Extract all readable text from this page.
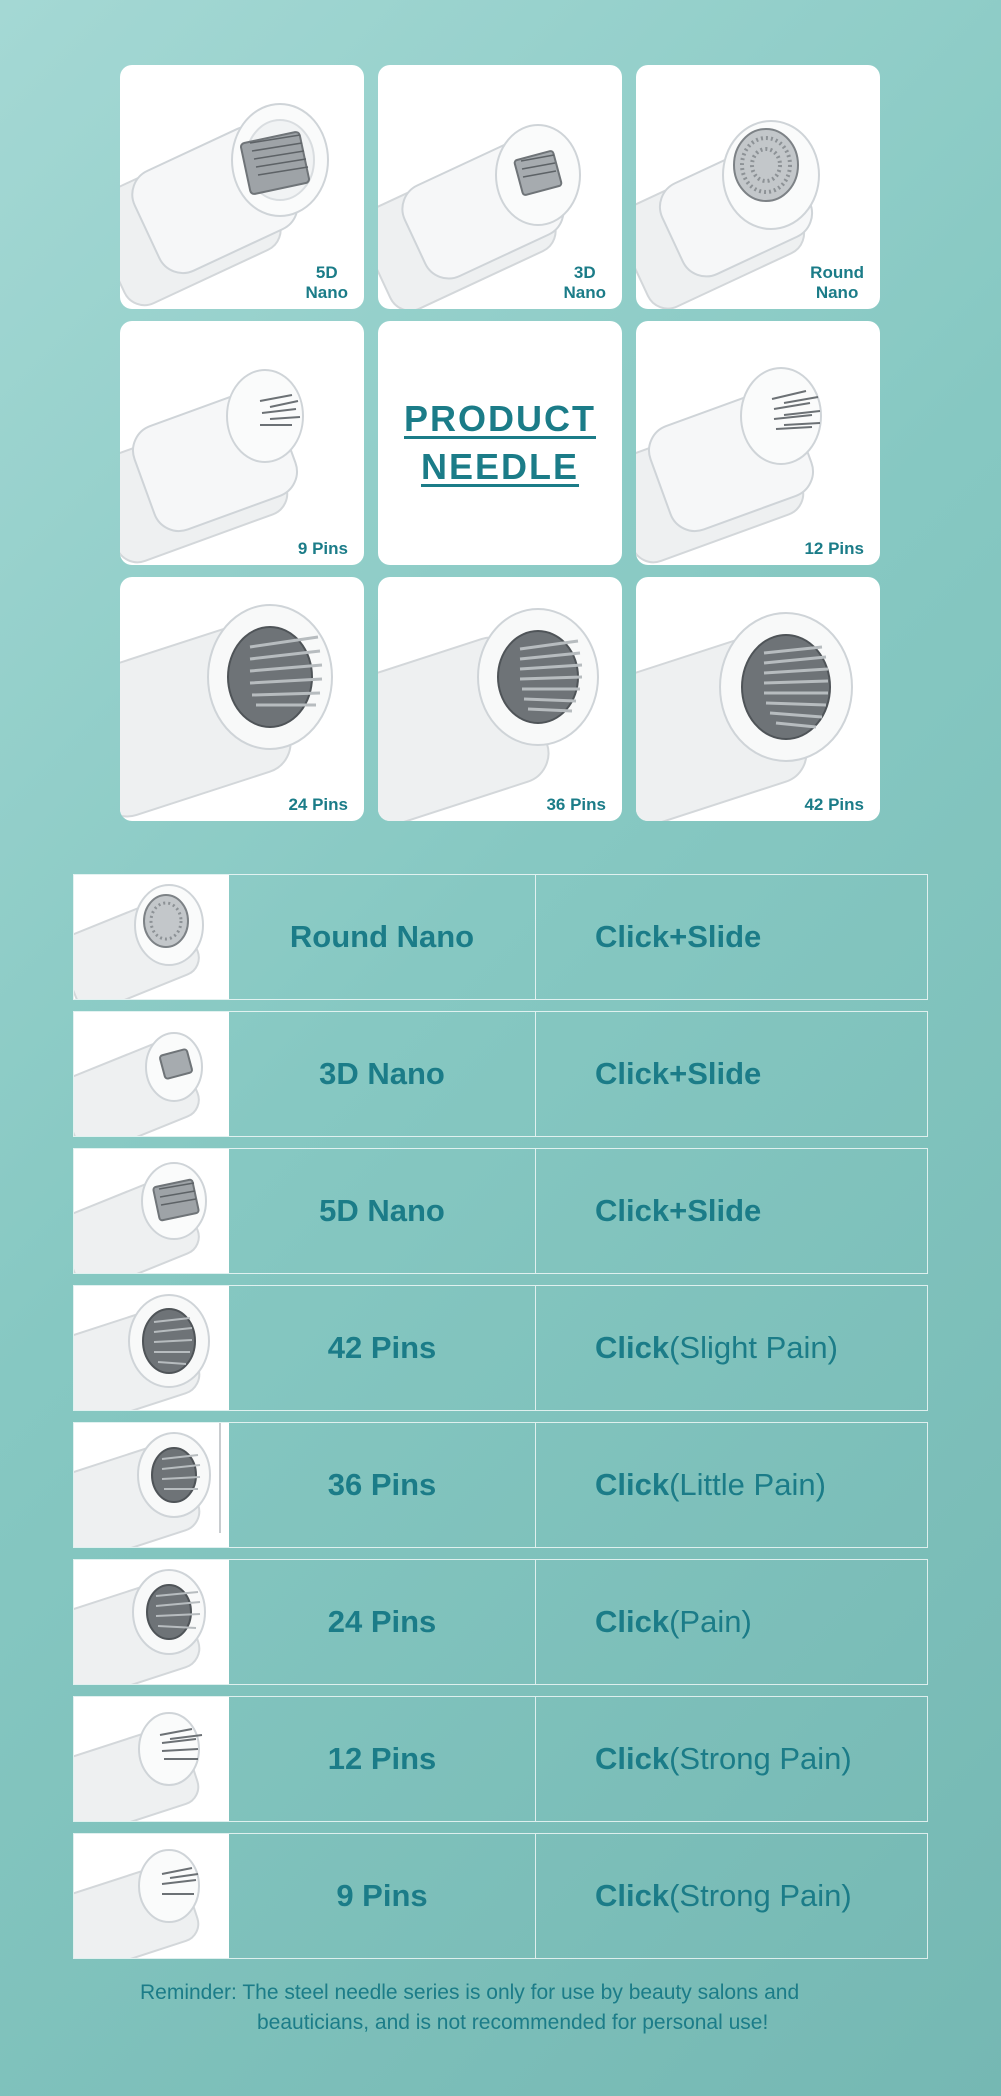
5D
Nano
3D
Nano
Round
Nano
9 Pins
PRODUCT
NEEDLE
12 Pins
24 Pins	36 Pins	42 Pins
Round Nano	Click+Slide
3D Nano	Click+Slide
5D Nano	Click+Slide
42 Pins	Click (Slight Pain)
36 Pins	Click (Little Pain)
24 Pins	Click (Pain)
12 Pins	Click (Strong Pain)
9 Pins	Click (Strong Pain)
Reminder: The steel needle series is only for use by beauty salons and
beauticians, and is not recommended for personal use!
